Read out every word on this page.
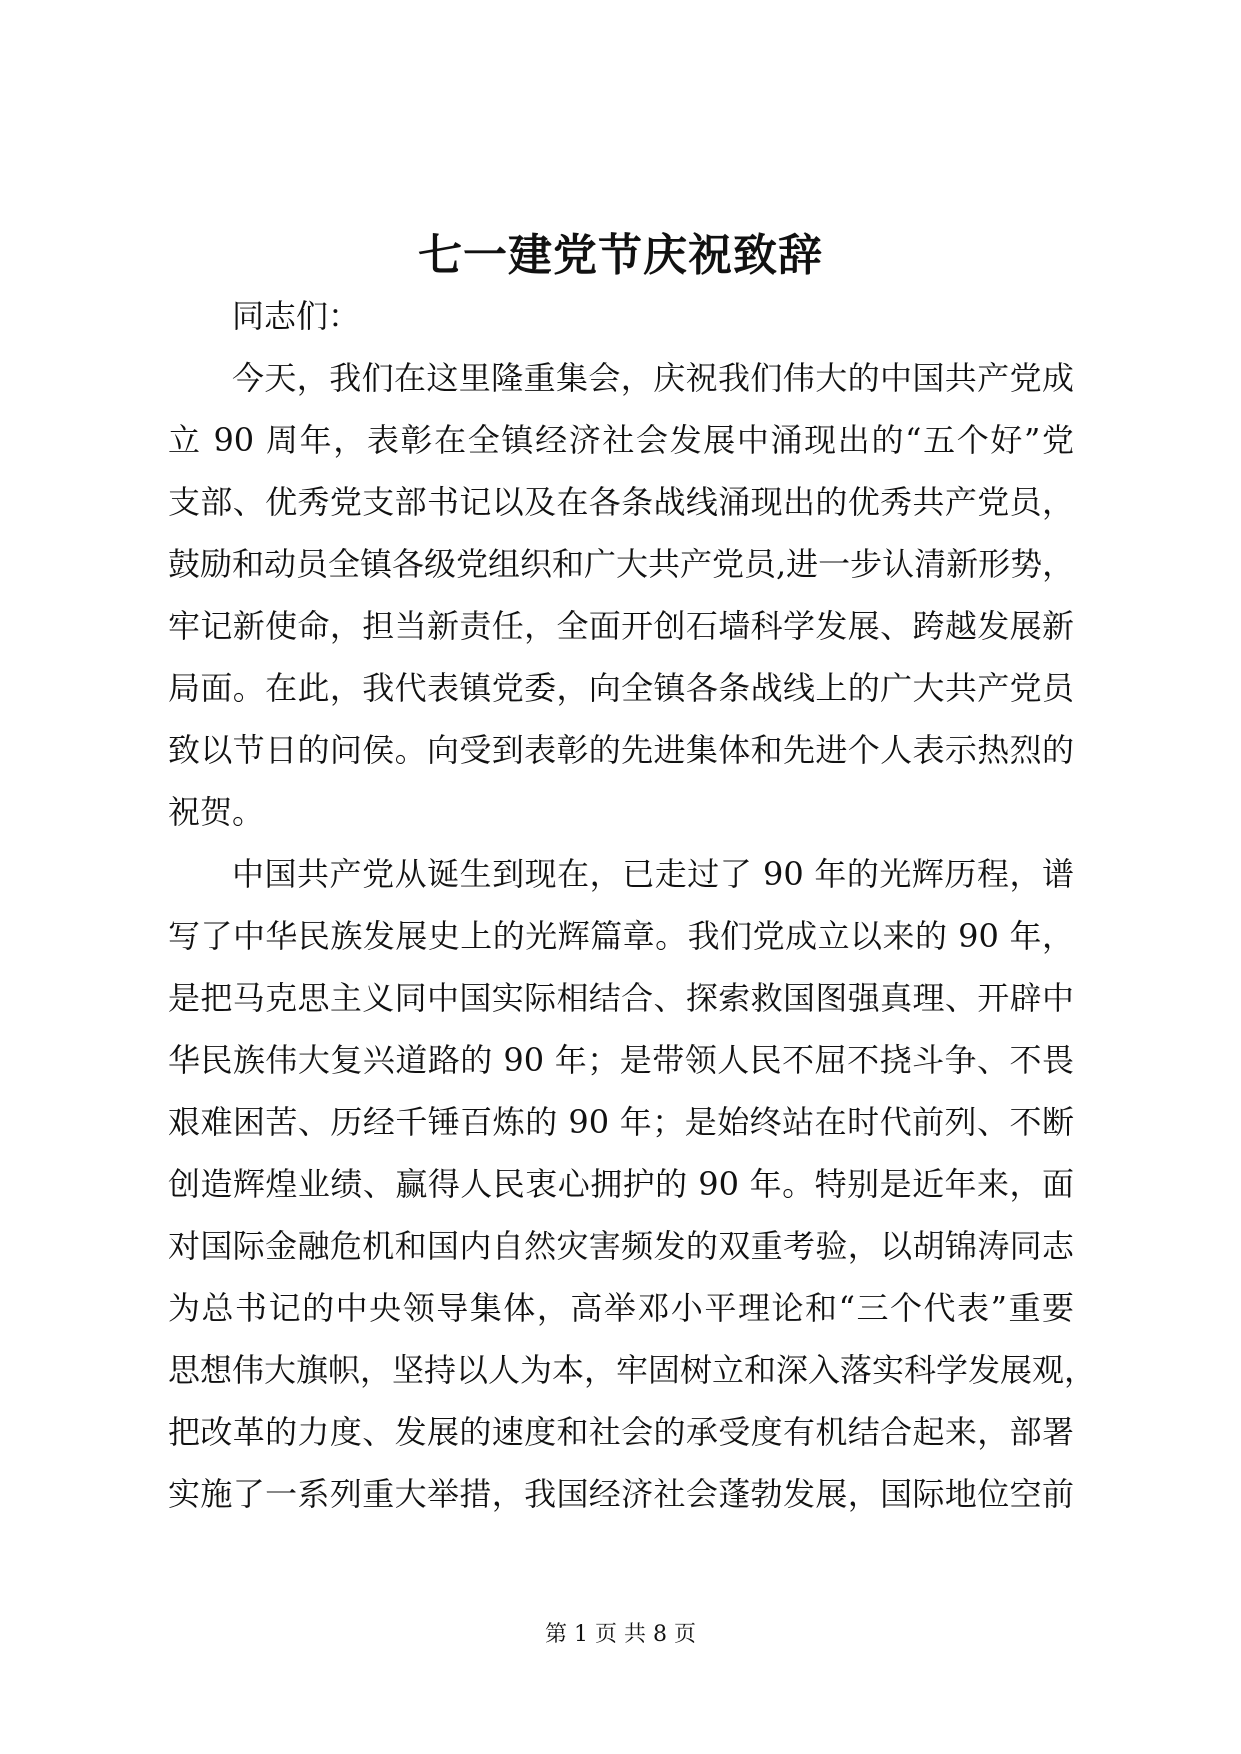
七一建党节庆祝致辞
同志们：
今天，我们在这里隆重集会，庆祝我们伟大的中国共产党成
立 90 周年，表彰在全镇经济社会发展中涌现出的“五个好”党
支部、优秀党支部书记以及在各条战线涌现出的优秀共产党员，
鼓励和动员全镇各级党组织和广大共产党员,进一步认清新形势，
牢记新使命，担当新责任，全面开创石墙科学发展、跨越发展新
局面。在此，我代表镇党委，向全镇各条战线上的广大共产党员
致以节日的问侯。向受到表彰的先进集体和先进个人表示热烈的
祝贺。
中国共产党从诞生到现在，已走过了 90 年的光辉历程，谱
写了中华民族发展史上的光辉篇章。我们党成立以来的 90 年，
是把马克思主义同中国实际相结合、探索救国图强真理、开辟中
华民族伟大复兴道路的 90 年；是带领人民不屈不挠斗争、不畏
艰难困苦、历经千锤百炼的 90 年；是始终站在时代前列、不断
创造辉煌业绩、赢得人民衷心拥护的 90 年。特别是近年来，面
对国际金融危机和国内自然灾害频发的双重考验，以胡锦涛同志
为总书记的中央领导集体，高举邓小平理论和“三个代表”重要
思想伟大旗帜，坚持以人为本，牢固树立和深入落实科学发展观，
把改革的力度、发展的速度和社会的承受度有机结合起来，部署
实施了一系列重大举措，我国经济社会蓬勃发展，国际地位空前
第 1 页 共 8 页
